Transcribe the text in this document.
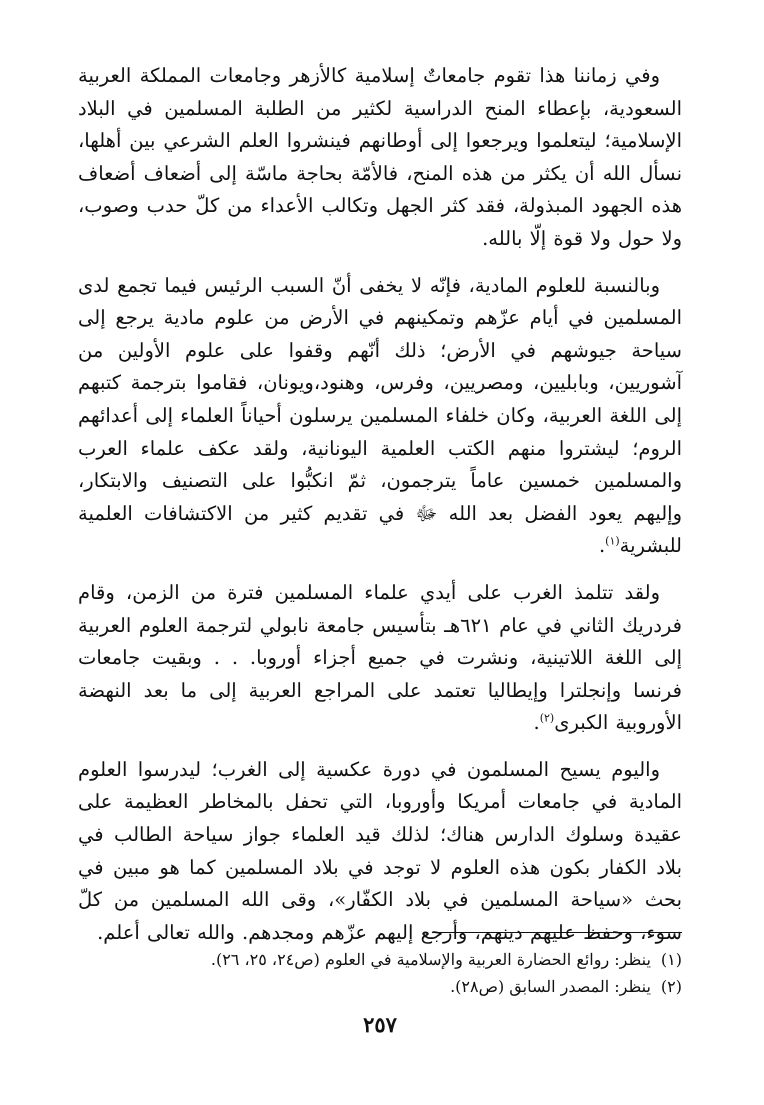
وفي زماننا هذا تقوم جامعاتٌ إسلامية كالأزهر وجامعات المملكة العربية السعودية، بإعطاء المنح الدراسية لكثير من الطلبة المسلمين في البلاد الإسلامية؛ ليتعلموا ويرجعوا إلى أوطانهم فينشروا العلم الشرعي بين أهلها، نسأل الله أن يكثر من هذه المنح، فالأمّة بحاجة ماسّة إلى أضعاف أضعاف هذه الجهود المبذولة، فقد كثر الجهل وتكالب الأعداء من كلّ حدب وصوب، ولا حول ولا قوة إلّا بالله.

وبالنسبة للعلوم المادية، فإنّه لا يخفى أنّ السبب الرئيس فيما تجمع لدى المسلمين في أيام عزّهم وتمكينهم في الأرض من علوم مادية يرجع إلى سياحة جيوشهم في الأرض؛ ذلك أنّهم وقفوا على علوم الأولين من آشوريين، وبابليين، ومصريين، وفرس، وهنود،ويونان، فقاموا بترجمة كتبهم إلى اللغة العربية، وكان خلفاء المسلمين يرسلون أحياناً العلماء إلى أعدائهم الروم؛ ليشتروا منهم الكتب العلمية اليونانية، ولقد عكف علماء العرب والمسلمين خمسين عاماً يترجمون، ثمّ انكبُّوا على التصنيف والابتكار، وإليهم يعود الفضل بعد الله ﷻ في تقديم كثير من الاكتشافات العلمية للبشرية$^{(١)}$.

ولقد تتلمذ الغرب على أيدي علماء المسلمين فترة من الزمن، وقام فردريك الثاني في عام ٦٢١هـ بتأسيس جامعة نابولي لترجمة العلوم العربية إلى اللغة اللاتينية، ونشرت في جميع أجزاء أوروبا. . . وبقيت جامعات فرنسا وإنجلترا وإيطاليا تعتمد على المراجع العربية إلى ما بعد النهضة الأوروبية الكبرى$^{(٢)}$.

واليوم يسيح المسلمون في دورة عكسية إلى الغرب؛ ليدرسوا العلوم المادية في جامعات أمريكا وأوروبا، التي تحفل بالمخاطر العظيمة على عقيدة وسلوك الدارس هناك؛ لذلك قيد العلماء جواز سياحة الطالب في بلاد الكفار بكون هذه العلوم لا توجد في بلاد المسلمين كما هو مبين في بحث «سياحة المسلمين في بلاد الكفّار»، وقى الله المسلمين من كلّ سوء، وحفظ عليهم دينهم، وأرجع إليهم عزّهم ومجدهم. والله تعالى أعلم.

(١)
ينظر: روائع الحضارة العربية والإسلامية في العلوم (ص٢٤، ٢٥، ٢٦).

(٢)
ينظر: المصدر السابق (ص٢٨).

٢٥٧
